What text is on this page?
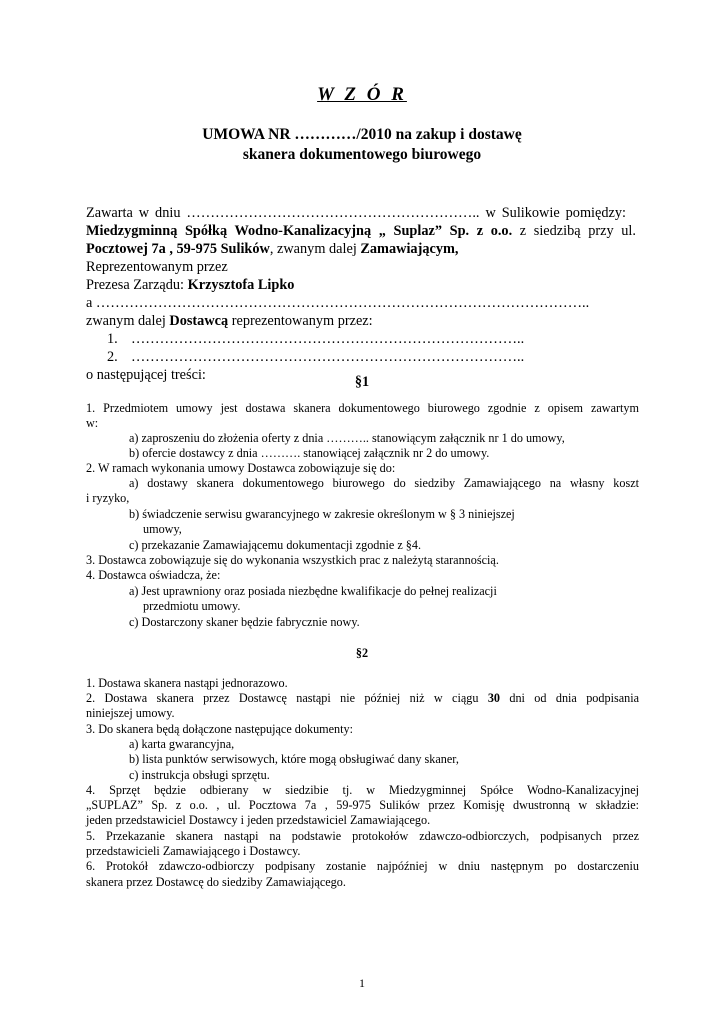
W Z Ó R
UMOWA NR …………/2010 na zakup i dostawę
skanera dokumentowego biurowego
Zawarta w dniu …………………………………………………….. w Sulikowie pomiędzy:
Miedzygminną Spółką Wodno-Kanalizacyjną „ Suplaz” Sp. z o.o. z siedzibą przy ul.
Pocztowej 7a , 59-975 Sulików, zwanym dalej Zamawiającym,
Reprezentowanym przez
Prezesa Zarządu: Krzysztofa Lipko
a …………………………………………………………………………………………..
zwanym dalej Dostawcą reprezentowanym przez:
1. ………………………………………………………………………..
2. ………………………………………………………………………..
o następującej treści:	§1
1. Przedmiotem umowy jest dostawa skanera dokumentowego biurowego zgodnie z opisem zawartym
w:
a) zaproszeniu do złożenia oferty z dnia ……….. stanowiącym załącznik nr 1 do umowy,
b) ofercie dostawcy z dnia ………. stanowiącej załącznik nr 2 do umowy.
2. W ramach wykonania umowy Dostawca zobowiązuje się do:
a) dostawy skanera dokumentowego biurowego do siedziby Zamawiającego na własny koszt
i ryzyko,
b) świadczenie serwisu gwarancyjnego w zakresie określonym w § 3 niniejszej
umowy,
c) przekazanie Zamawiającemu dokumentacji zgodnie z §4.
3. Dostawca zobowiązuje się do wykonania wszystkich prac z należytą starannością.
4. Dostawca oświadcza, że:
a) Jest uprawniony oraz posiada niezbędne kwalifikacje do pełnej realizacji
przedmiotu umowy.
c) Dostarczony skaner będzie fabrycznie nowy.
§2
1. Dostawa skanera nastąpi jednorazowo.
2. Dostawa skanera przez Dostawcę nastąpi nie później niż w ciągu 30 dni od dnia podpisania
niniejszej umowy.
3. Do skanera będą dołączone następujące dokumenty:
a) karta gwarancyjna,
b) lista punktów serwisowych, które mogą obsługiwać dany skaner,
c) instrukcja obsługi sprzętu.
4. Sprzęt będzie odbierany w siedzibie tj. w Miedzygminnej Spółce Wodno-Kanalizacyjnej
„SUPLAZ” Sp. z o.o. , ul. Pocztowa 7a , 59-975 Sulików przez Komisję dwustronną w składzie:
jeden przedstawiciel Dostawcy i jeden przedstawiciel Zamawiającego.
5. Przekazanie skanera nastąpi na podstawie protokołów zdawczo-odbiorczych, podpisanych przez
przedstawicieli Zamawiającego i Dostawcy.
6. Protokół zdawczo-odbiorczy podpisany zostanie najpóźniej w dniu następnym po dostarczeniu
skanera przez Dostawcę do siedziby Zamawiającego.
1
